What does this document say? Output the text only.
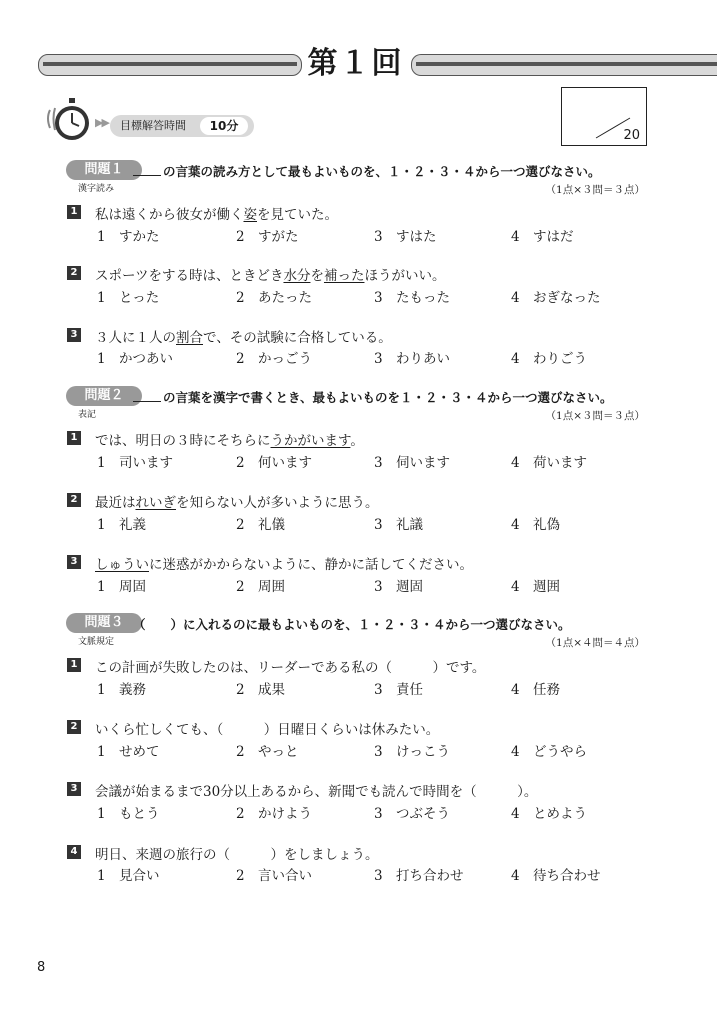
第１回
▶▶ 目標解答時間	10分
20
問題１	の言葉の読み方として最もよいものを、１・２・３・４から一つ選びなさい。
漢字読み	（1点×３問＝３点）
1 私は遠くから彼女が働く姿を見ていた。
1 すかた	2 すがた	3 すはた	4 すはだ
2 スポーツをする時は、ときどき水分を補ったほうがいい。
1 とった	2 あたった	3 たもった	4 おぎなった
3 ３人に１人の割合で、その試験に合格している。
1 かつあい	2 かっごう	3 わりあい	4 わりごう
問題２	の言葉を漢字で書くとき、最もよいものを１・２・３・４から一つ選びなさい。
表記	（1点×３問＝３点）
1 では、明日の３時にそちらにうかがいます。
1 司います	2 何います	3 伺います	4 荷います
2 最近はれいぎを知らない人が多いように思う。
1 礼義	2 礼儀	3 礼議	4 礼偽
3 しゅういに迷惑がかからないように、静かに話してください。
1 周固	2 周囲	3 週固	4 週囲
問題３ （　　）に入れるのに最もよいものを、１・２・３・４から一つ選びなさい。
文脈規定	（1点×４問＝４点）
1 この計画が失敗したのは、リーダーである私の（　　　）です。
1 義務	2 成果	3 責任	4 任務
2 いくら忙しくても、（　　　）日曜日くらいは休みたい。
1 せめて	2 やっと	3 けっこう	4 どうやら
3 会議が始まるまで30分以上あるから、新聞でも読んで時間を（　　　）。
1 もとう	2 かけよう	3 つぶそう	4 とめよう
4 明日、来週の旅行の（　　　）をしましょう。
1 見合い	2 言い合い	3 打ち合わせ	4 待ち合わせ
8
